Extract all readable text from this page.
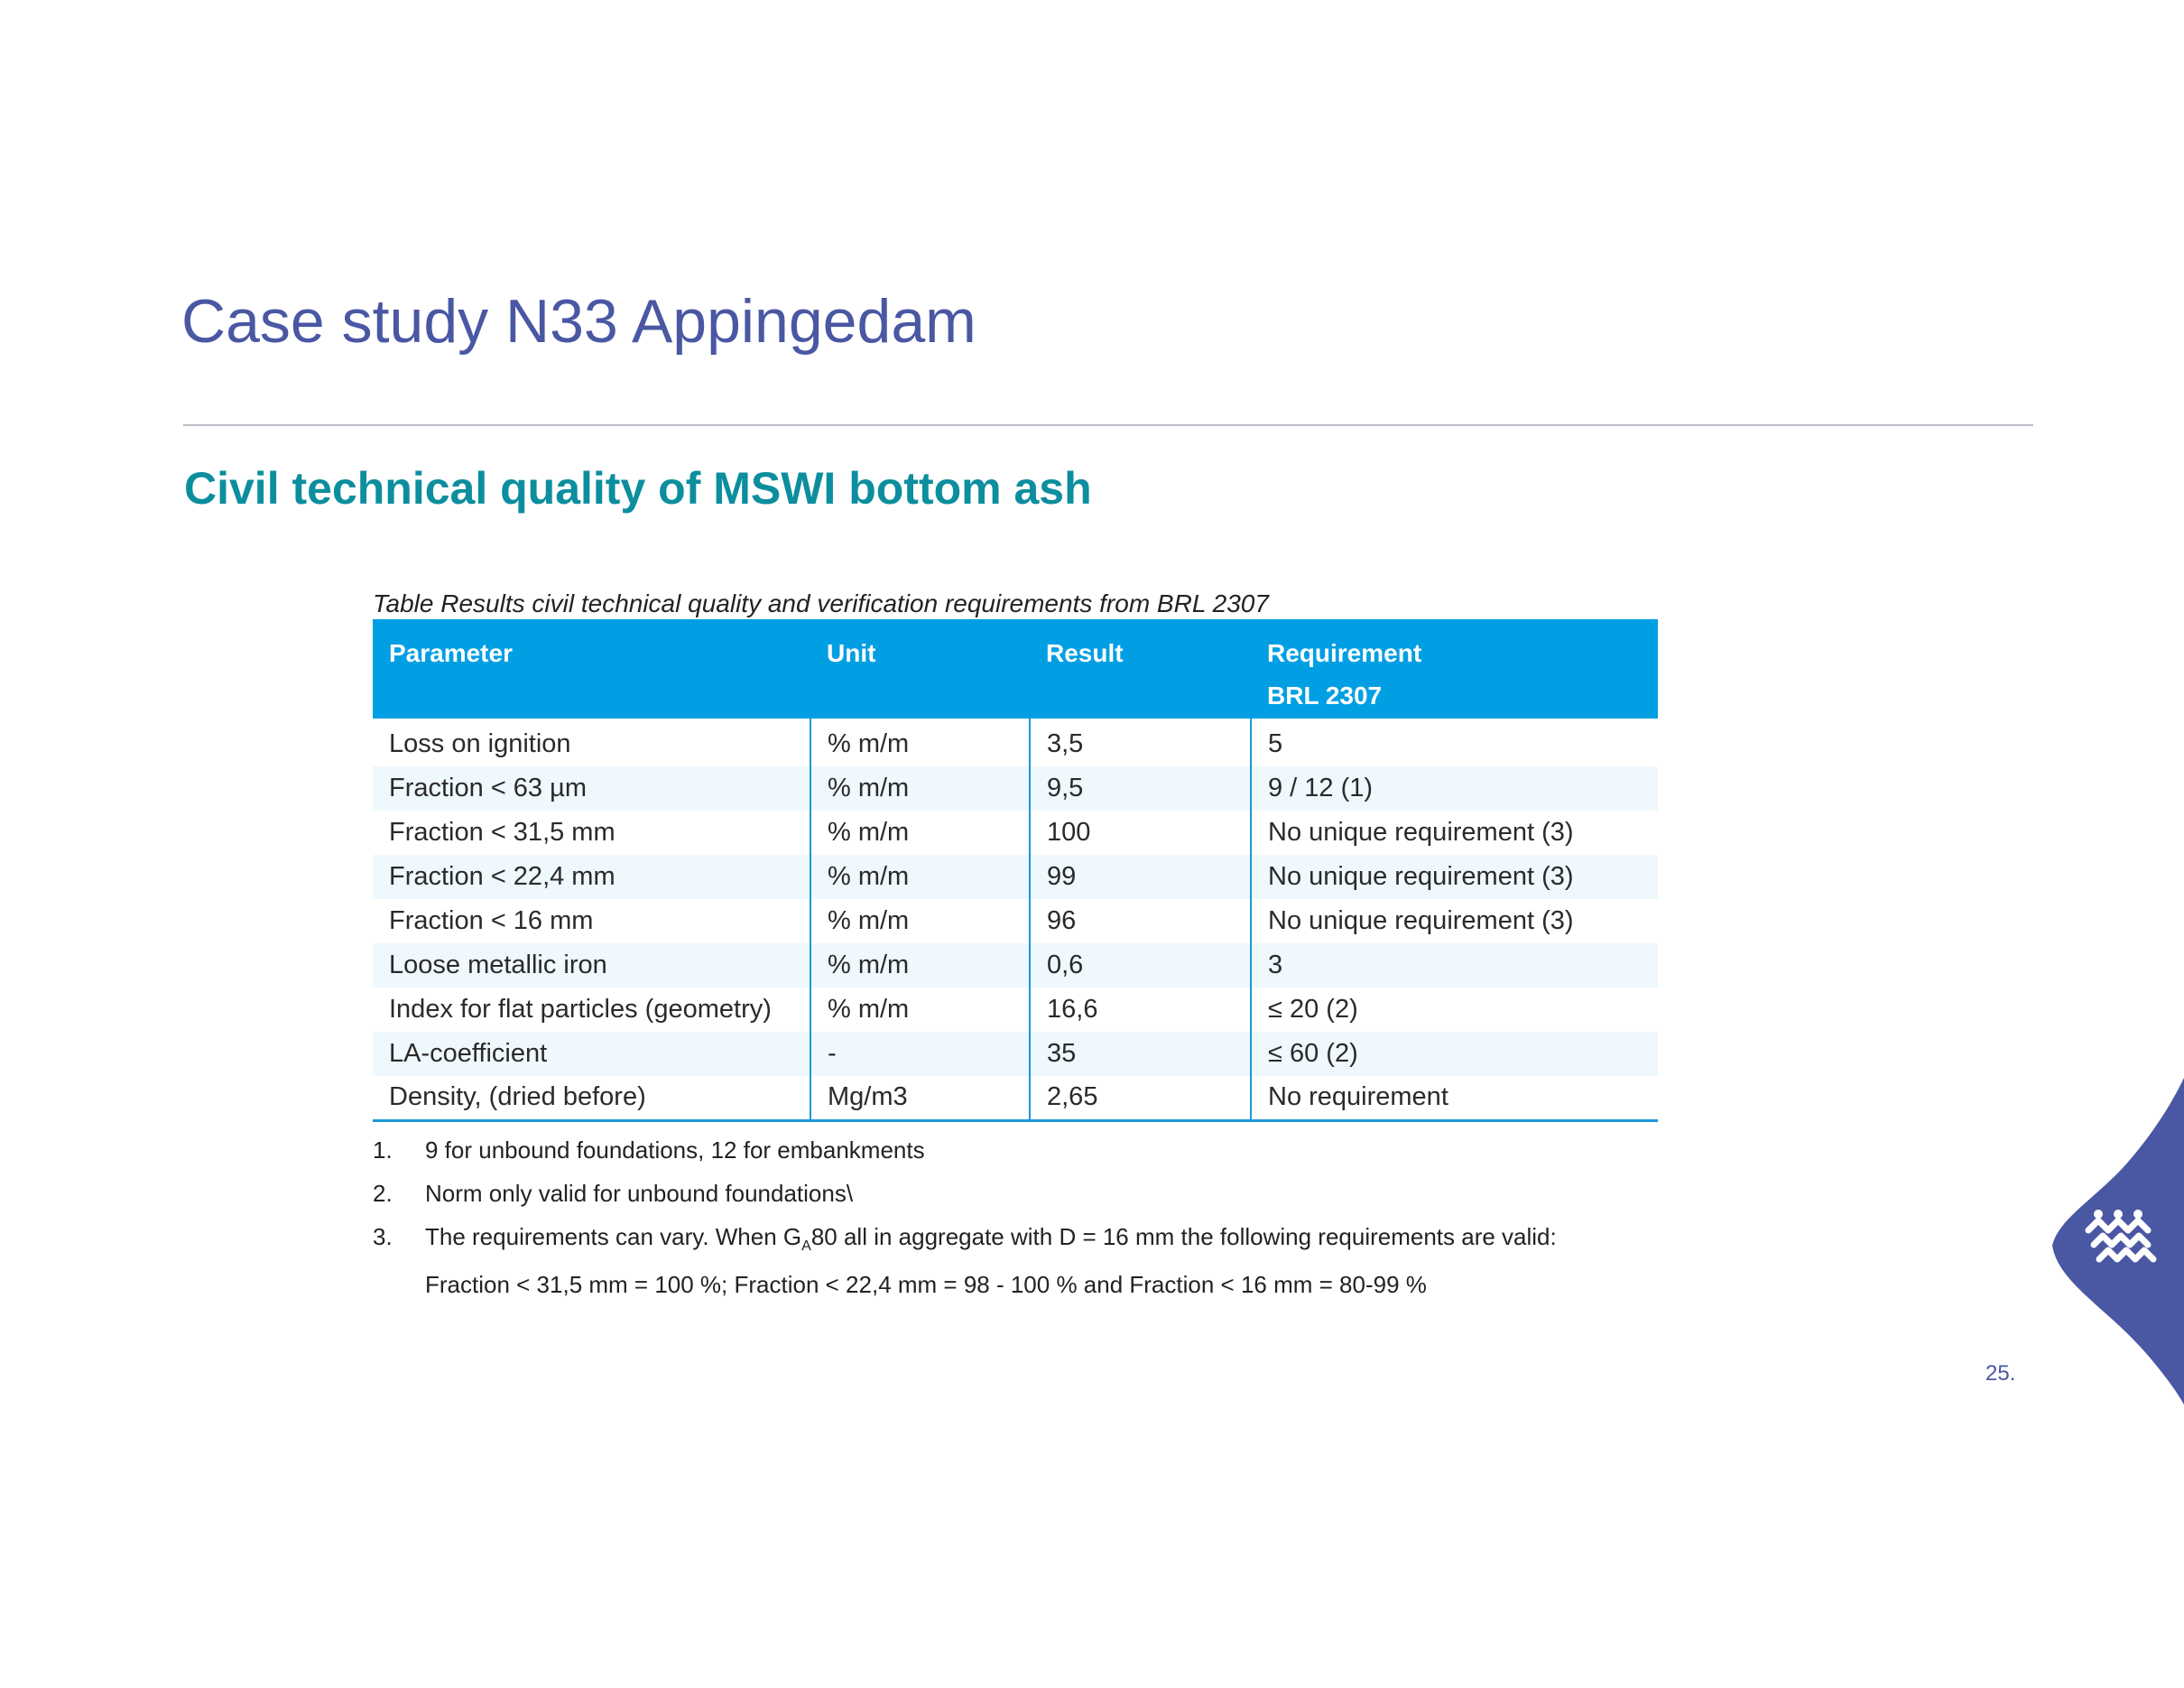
Case study N33 Appingedam
Civil technical quality of MSWI bottom ash
Table Results civil technical quality and verification requirements from BRL 2307
Parameter	Unit	Result	Requirement
BRL 2307
Loss on ignition	% m/m	3,5	5
Fraction < 63 µm	% m/m	9,5	9 / 12 (1)
Fraction < 31,5 mm	% m/m	100	No unique requirement (3)
Fraction < 22,4 mm	% m/m	99	No unique requirement (3)
Fraction < 16 mm	% m/m	96	No unique requirement (3)
Loose metallic iron	% m/m	0,6	3
Index for flat particles (geometry)	% m/m	16,6	≤ 20 (2)
LA-coefficient	-	35	≤ 60 (2)
Density, (dried before)	Mg/m3	2,65	No requirement
1. 9 for unbound foundations, 12 for embankments
2. Norm only valid for unbound foundations\
3. The requirements can vary. When $G_A80$ all in aggregate with D = 16 mm the following requirements are valid:
Fraction < 31,5 mm = 100 %; Fraction < 22,4 mm = 98 - 100 % and Fraction < 16 mm = 80-99 %
25.
